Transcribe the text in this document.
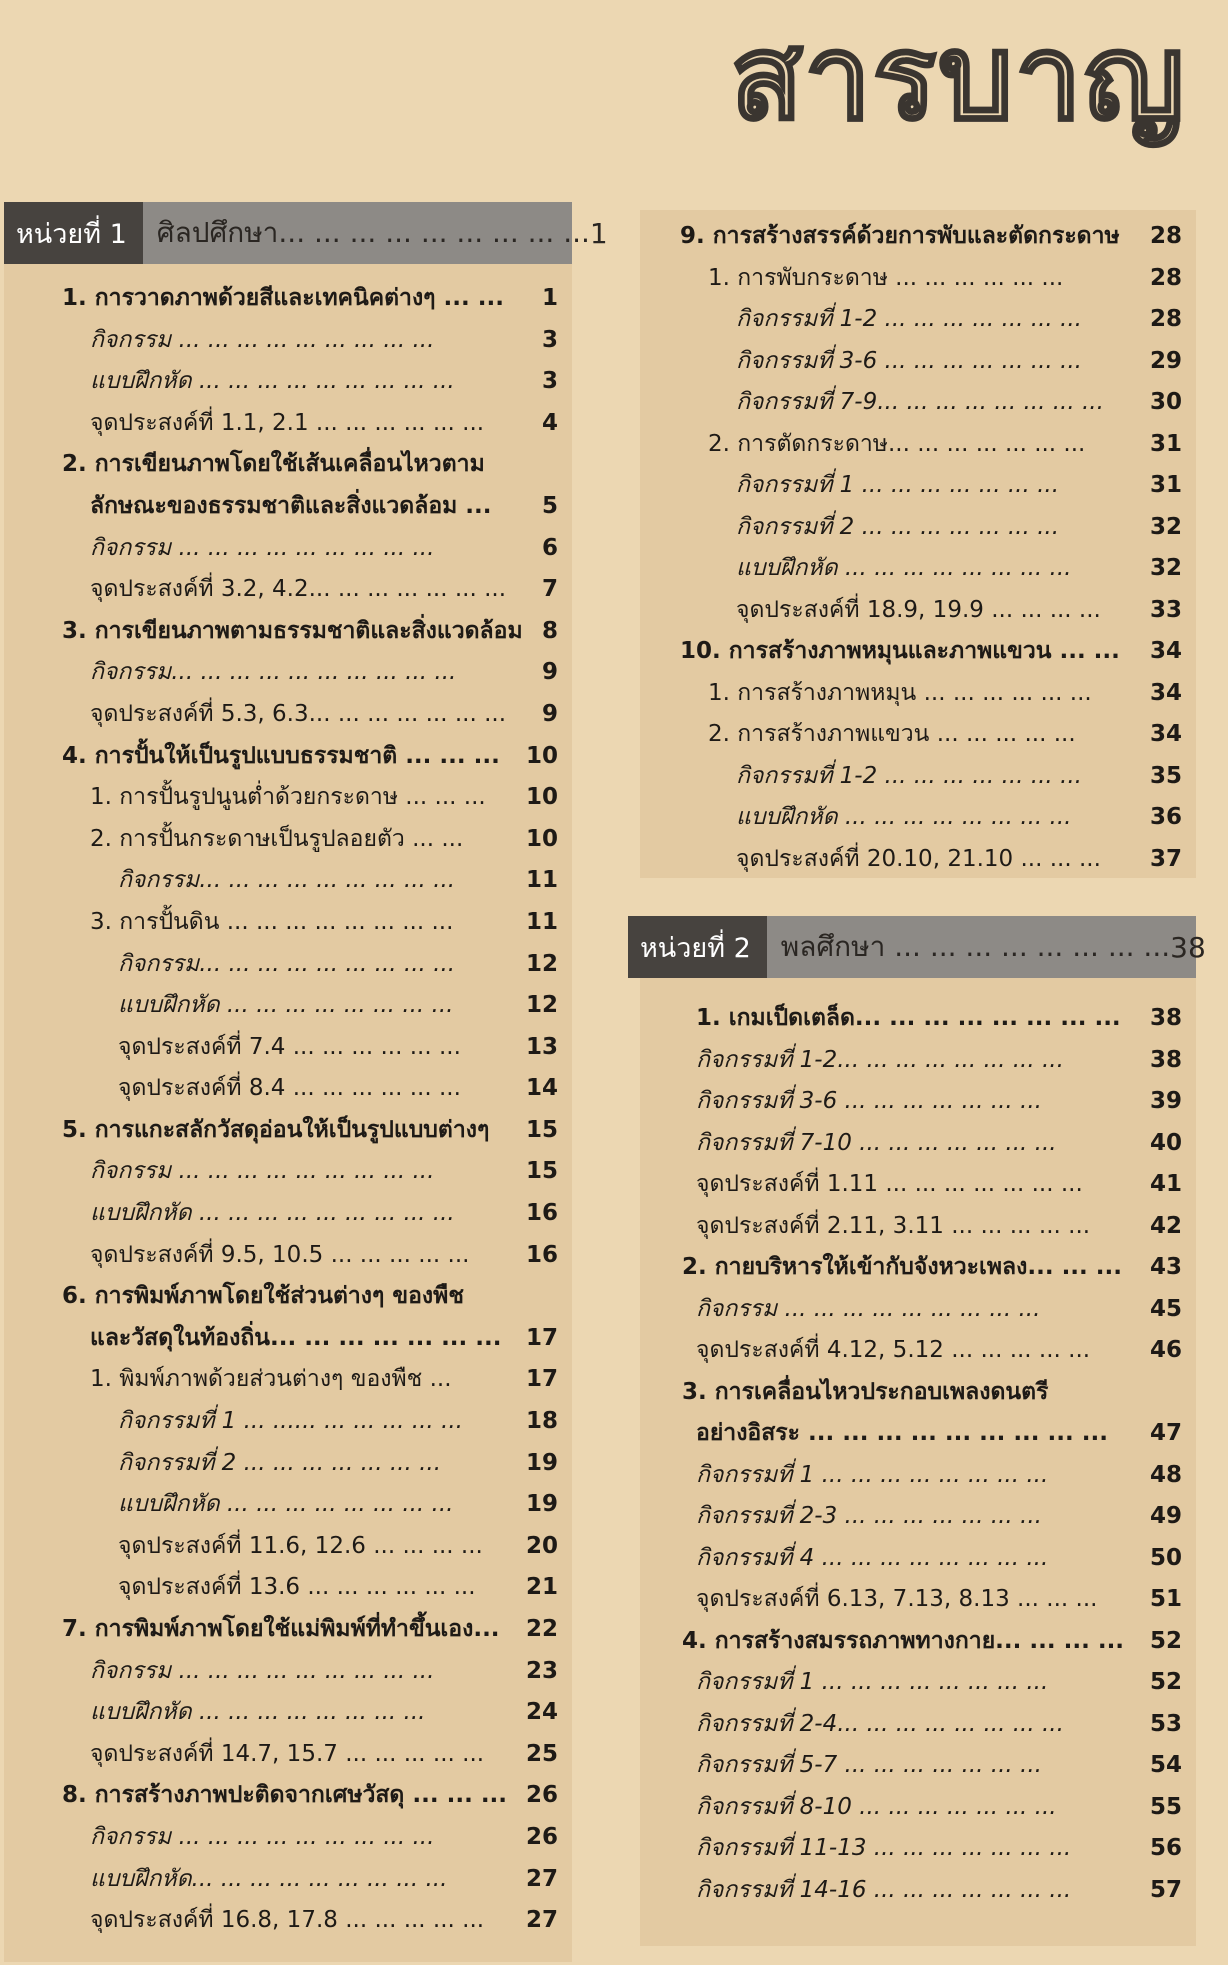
สารบาญ
หน่วยที่ 1	ศิลปศึกษา... ... ... ... ... ... ... ... ... 1
1. การวาดภาพด้วยสีและเทคนิคต่างๆ ... ... 1
กิจกรรม ... ... ... ... ... ... ... ... ...	3
แบบฝึกหัด ... ... ... ... ... ... ... ... ...	3
จุดประสงค์ที่ 1.1, 2.1 ... ... ... ... ... ...	4
2. การเขียนภาพโดยใช้เส้นเคลื่อนไหวตาม
ลักษณะของธรรมชาติและสิ่งแวดล้อม ... 5
กิจกรรม ... ... ... ... ... ... ... ... ...	6
จุดประสงค์ที่ 3.2, 4.2... ... ... ... ... ... ... 7
3. การเขียนภาพตามธรรมชาติและสิ่งแวดล้อม 8
กิจกรรม... ... ... ... ... ... ... ... ... ...	9
จุดประสงค์ที่ 5.3, 6.3... ... ... ... ... ... ... 9
4. การปั้นให้เป็นรูปแบบธรรมชาติ ... ... ... 10
1. การปั้นรูปนูนต่ำด้วยกระดาษ ... ... ... 10
2. การปั้นกระดาษเป็นรูปลอยตัว ... ...	10
กิจกรรม... ... ... ... ... ... ... ... ...	11
3. การปั้นดิน ... ... ... ... ... ... ... ...	11
กิจกรรม... ... ... ... ... ... ... ... ...	12
แบบฝึกหัด ... ... ... ... ... ... ... ...	12
จุดประสงค์ที่ 7.4 ... ... ... ... ... ...	13
จุดประสงค์ที่ 8.4 ... ... ... ... ... ...	14
5. การแกะสลักวัสดุอ่อนให้เป็นรูปแบบต่างๆ 15
กิจกรรม ... ... ... ... ... ... ... ... ...	15
แบบฝึกหัด ... ... ... ... ... ... ... ... ...	16
จุดประสงค์ที่ 9.5, 10.5 ... ... ... ... ... 16
6. การพิมพ์ภาพโดยใช้ส่วนต่างๆ ของพืช
และวัสดุในท้องถิ่น... ... ... ... ... ... ... 17
1. พิมพ์ภาพด้วยส่วนต่างๆ ของพืช ...	17
กิจกรรมที่ 1 ... ...... ... ... ... ... ...	18
กิจกรรมที่ 2 ... ... ... ... ... ... ...	19
แบบฝึกหัด ... ... ... ... ... ... ... ...	19
จุดประสงค์ที่ 11.6, 12.6 ... ... ... ... 20
จุดประสงค์ที่ 13.6 ... ... ... ... ... ... 21
7. การพิมพ์ภาพโดยใช้แม่พิมพ์ที่ทำขึ้นเอง... 22
กิจกรรม ... ... ... ... ... ... ... ... ...	23
แบบฝึกหัด ... ... ... ... ... ... ... ...	24
จุดประสงค์ที่ 14.7, 15.7 ... ... ... ... ... 25
8. การสร้างภาพปะติดจากเศษวัสดุ ... ... ... 26
กิจกรรม ... ... ... ... ... ... ... ... ...	26
แบบฝึกหัด... ... ... ... ... ... ... ... ...	27
จุดประสงค์ที่ 16.8, 17.8 ... ... ... ... ... 27
9. การสร้างสรรค์ด้วยการพับและตัดกระดาษ 28
1. การพับกระดาษ ... ... ... ... ... ...	28
กิจกรรมที่ 1-2 ... ... ... ... ... ... ...	28
กิจกรรมที่ 3-6 ... ... ... ... ... ... ...	29
กิจกรรมที่ 7-9... ... ... ... ... ... ... ... 30
2. การตัดกระดาษ... ... ... ... ... ... ...	31
กิจกรรมที่ 1 ... ... ... ... ... ... ...	31
กิจกรรมที่ 2 ... ... ... ... ... ... ...	32
แบบฝึกหัด ... ... ... ... ... ... ... ...	32
จุดประสงค์ที่ 18.9, 19.9 ... ... ... ... 33
10. การสร้างภาพหมุนและภาพแขวน ... ... 34
1. การสร้างภาพหมุน ... ... ... ... ... ...	34
2. การสร้างภาพแขวน ... ... ... ... ...	34
กิจกรรมที่ 1-2 ... ... ... ... ... ... ...	35
แบบฝึกหัด ... ... ... ... ... ... ... ...	36
จุดประสงค์ที่ 20.10, 21.10 ... ... ... 37
หน่วยที่ 2	พลศึกษา ... ... ... ... ... ... ... ... 38
1. เกมเป็ดเตล็ด... ... ... ... ... ... ... ... 38
กิจกรรมที่ 1-2... ... ... ... ... ... ... ...	38
กิจกรรมที่ 3-6 ... ... ... ... ... ... ...	39
กิจกรรมที่ 7-10 ... ... ... ... ... ... ...	40
จุดประสงค์ที่ 1.11 ... ... ... ... ... ... ...	41
จุดประสงค์ที่ 2.11, 3.11 ... ... ... ... ...	42
2. กายบริหารให้เข้ากับจังหวะเพลง... ... ... 43
กิจกรรม ... ... ... ... ... ... ... ... ...	45
จุดประสงค์ที่ 4.12, 5.12 ... ... ... ... ...	46
3. การเคลื่อนไหวประกอบเพลงดนตรี
อย่างอิสระ ... ... ... ... ... ... ... ... ... 47
กิจกรรมที่ 1 ... ... ... ... ... ... ... ...	48
กิจกรรมที่ 2-3 ... ... ... ... ... ... ...	49
กิจกรรมที่ 4 ... ... ... ... ... ... ... ...	50
จุดประสงค์ที่ 6.13, 7.13, 8.13 ... ... ... 51
4. การสร้างสมรรถภาพทางกาย... ... ... ... 52
กิจกรรมที่ 1 ... ... ... ... ... ... ... ...	52
กิจกรรมที่ 2-4... ... ... ... ... ... ... ...	53
กิจกรรมที่ 5-7 ... ... ... ... ... ... ...	54
กิจกรรมที่ 8-10 ... ... ... ... ... ... ...	55
กิจกรรมที่ 11-13 ... ... ... ... ... ... ...	56
กิจกรรมที่ 14-16 ... ... ... ... ... ... ...	57
